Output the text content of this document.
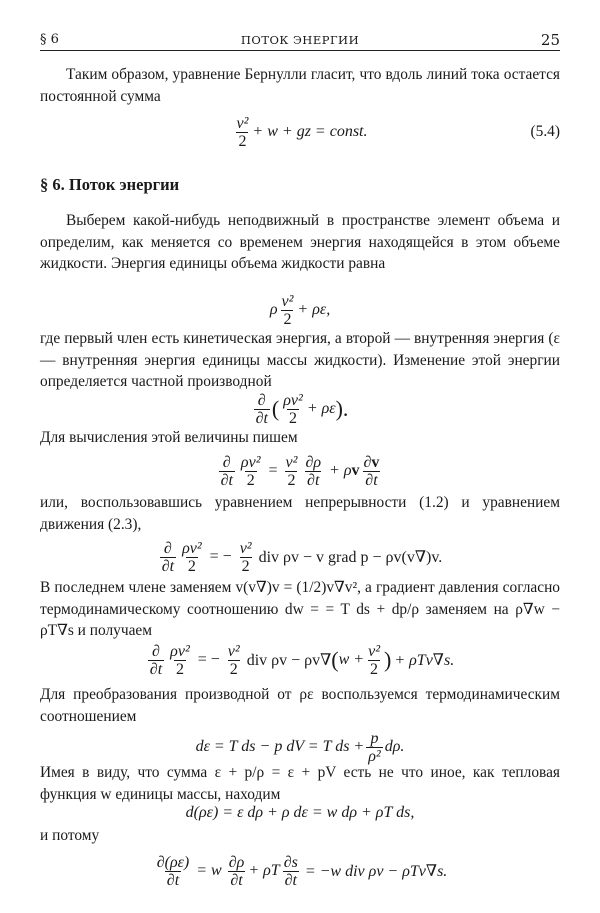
§ 6	ПОТОК ЭНЕРГИИ	25
Таким образом, уравнение Бернулли гласит, что вдоль линий тока остается постоянной сумма
$\frac{\text{v²}}{2} + w$ + gz = const.	(5.4)
§ 6. Поток энергии
Выберем какой-нибудь неподвижный в пространстве элемент объема и определим, как меняется со временем энергия находящейся в этом объеме жидкости. Энергия единицы объема жидкости равна
ρ $\frac{\text{v²}}{2} + \rho\varepsilon$,
где первый член есть кинетическая энергия, а второй — внутренняя энергия (ε — внутренняя энергия единицы массы жидкости). Изменение этой энергии определяется частной производной
$\frac{\partial}{\partial t}$ ( $\frac{\text{ρv²}}{2} + \rho\varepsilon$ ).
Для вычисления этой величины пишем
$\frac{\partial}{\partial t} \frac{\text{ρv²}}{2} = \frac{\text{v²}}{2} \frac{\partial\rho}{\partial t} + \rho$ v $\frac{\partial v}{\partial t}$
или, воспользовавшись уравнением непрерывности (1.2) и уравнением движения (2.3),
$\frac{\partial}{\partial t} \frac{\text{ρv²}}{2}$ = − $\frac{\text{v²}}{2}$ div ρv − v grad p − ρv(v∇)v.
В последнем члене заменяем v(v∇)v = (1/2)v∇v², а градиент давления согласно термодинамическому соотношению dw = = T ds + dp/ρ заменяем на ρ∇w − ρT∇s и получаем
$\frac{\partial}{\partial t} \frac{\text{ρv²}}{2}$ = − $\frac{\text{v²}}{2}$ div ρv − ρv∇ ( $w + \frac{\text{v²}}{2}$ ) + ρTv∇s.
Для преобразования производной от ρε воспользуемся термодинамическим соотношением
dε = T ds − p dV = T ds + $\frac{p}{\text{ρ²}} d\rho$.
Имея в виду, что сумма ε + p/ρ = ε + pV есть не что иное, как тепловая функция w единицы массы, находим
d(ρε) = ε dρ + ρ dε = w dρ + ρT ds,
и потому
$\frac{\partial(\rho\varepsilon)}{\partial t} = w \frac{\partial\rho}{\partial t} + \rho T \frac{\partial s}{\partial t} = -w$ div ρv − ρTv∇s.
